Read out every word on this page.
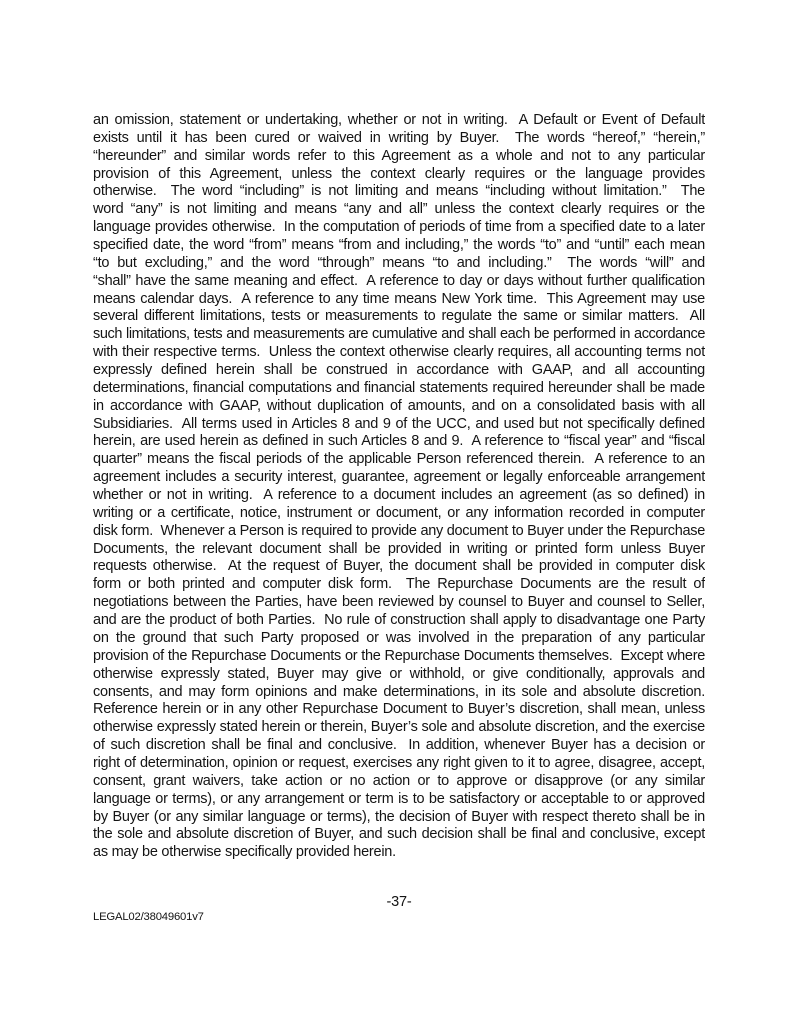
an omission, statement or undertaking, whether or not in writing.  A Default or Event of Default
exists until it has been cured or waived in writing by Buyer.  The words “hereof,” “herein,”
“hereunder” and similar words refer to this Agreement as a whole and not to any particular
provision of this Agreement, unless the context clearly requires or the language provides
otherwise.  The word “including” is not limiting and means “including without limitation.”  The
word “any” is not limiting and means “any and all” unless the context clearly requires or the
language provides otherwise.  In the computation of periods of time from a specified date to a later
specified date, the word “from” means “from and including,” the words “to” and “until” each mean
“to but excluding,” and the word “through” means “to and including.”  The words “will” and
“shall” have the same meaning and effect.  A reference to day or days without further qualification
means calendar days.  A reference to any time means New York time.  This Agreement may use
several different limitations, tests or measurements to regulate the same or similar matters.  All
such limitations, tests and measurements are cumulative and shall each be performed in accordance
with their respective terms.  Unless the context otherwise clearly requires, all accounting terms not
expressly defined herein shall be construed in accordance with GAAP, and all accounting
determinations, financial computations and financial statements required hereunder shall be made
in accordance with GAAP, without duplication of amounts, and on a consolidated basis with all
Subsidiaries.  All terms used in Articles 8 and 9 of the UCC, and used but not specifically defined
herein, are used herein as defined in such Articles 8 and 9.  A reference to “fiscal year” and “fiscal
quarter” means the fiscal periods of the applicable Person referenced therein.  A reference to an
agreement includes a security interest, guarantee, agreement or legally enforceable arrangement
whether or not in writing.  A reference to a document includes an agreement (as so defined) in
writing or a certificate, notice, instrument or document, or any information recorded in computer
disk form.  Whenever a Person is required to provide any document to Buyer under the Repurchase
Documents, the relevant document shall be provided in writing or printed form unless Buyer
requests otherwise.  At the request of Buyer, the document shall be provided in computer disk
form or both printed and computer disk form.  The Repurchase Documents are the result of
negotiations between the Parties, have been reviewed by counsel to Buyer and counsel to Seller,
and are the product of both Parties.  No rule of construction shall apply to disadvantage one Party
on the ground that such Party proposed or was involved in the preparation of any particular
provision of the Repurchase Documents or the Repurchase Documents themselves.  Except where
otherwise expressly stated, Buyer may give or withhold, or give conditionally, approvals and
consents, and may form opinions and make determinations, in its sole and absolute discretion.
Reference herein or in any other Repurchase Document to Buyer’s discretion, shall mean, unless
otherwise expressly stated herein or therein, Buyer’s sole and absolute discretion, and the exercise
of such discretion shall be final and conclusive.  In addition, whenever Buyer has a decision or
right of determination, opinion or request, exercises any right given to it to agree, disagree, accept,
consent, grant waivers, take action or no action or to approve or disapprove (or any similar
language or terms), or any arrangement or term is to be satisfactory or acceptable to or approved
by Buyer (or any similar language or terms), the decision of Buyer with respect thereto shall be in
the sole and absolute discretion of Buyer, and such decision shall be final and conclusive, except
as may be otherwise specifically provided herein.
-37-
LEGAL02/38049601v7
